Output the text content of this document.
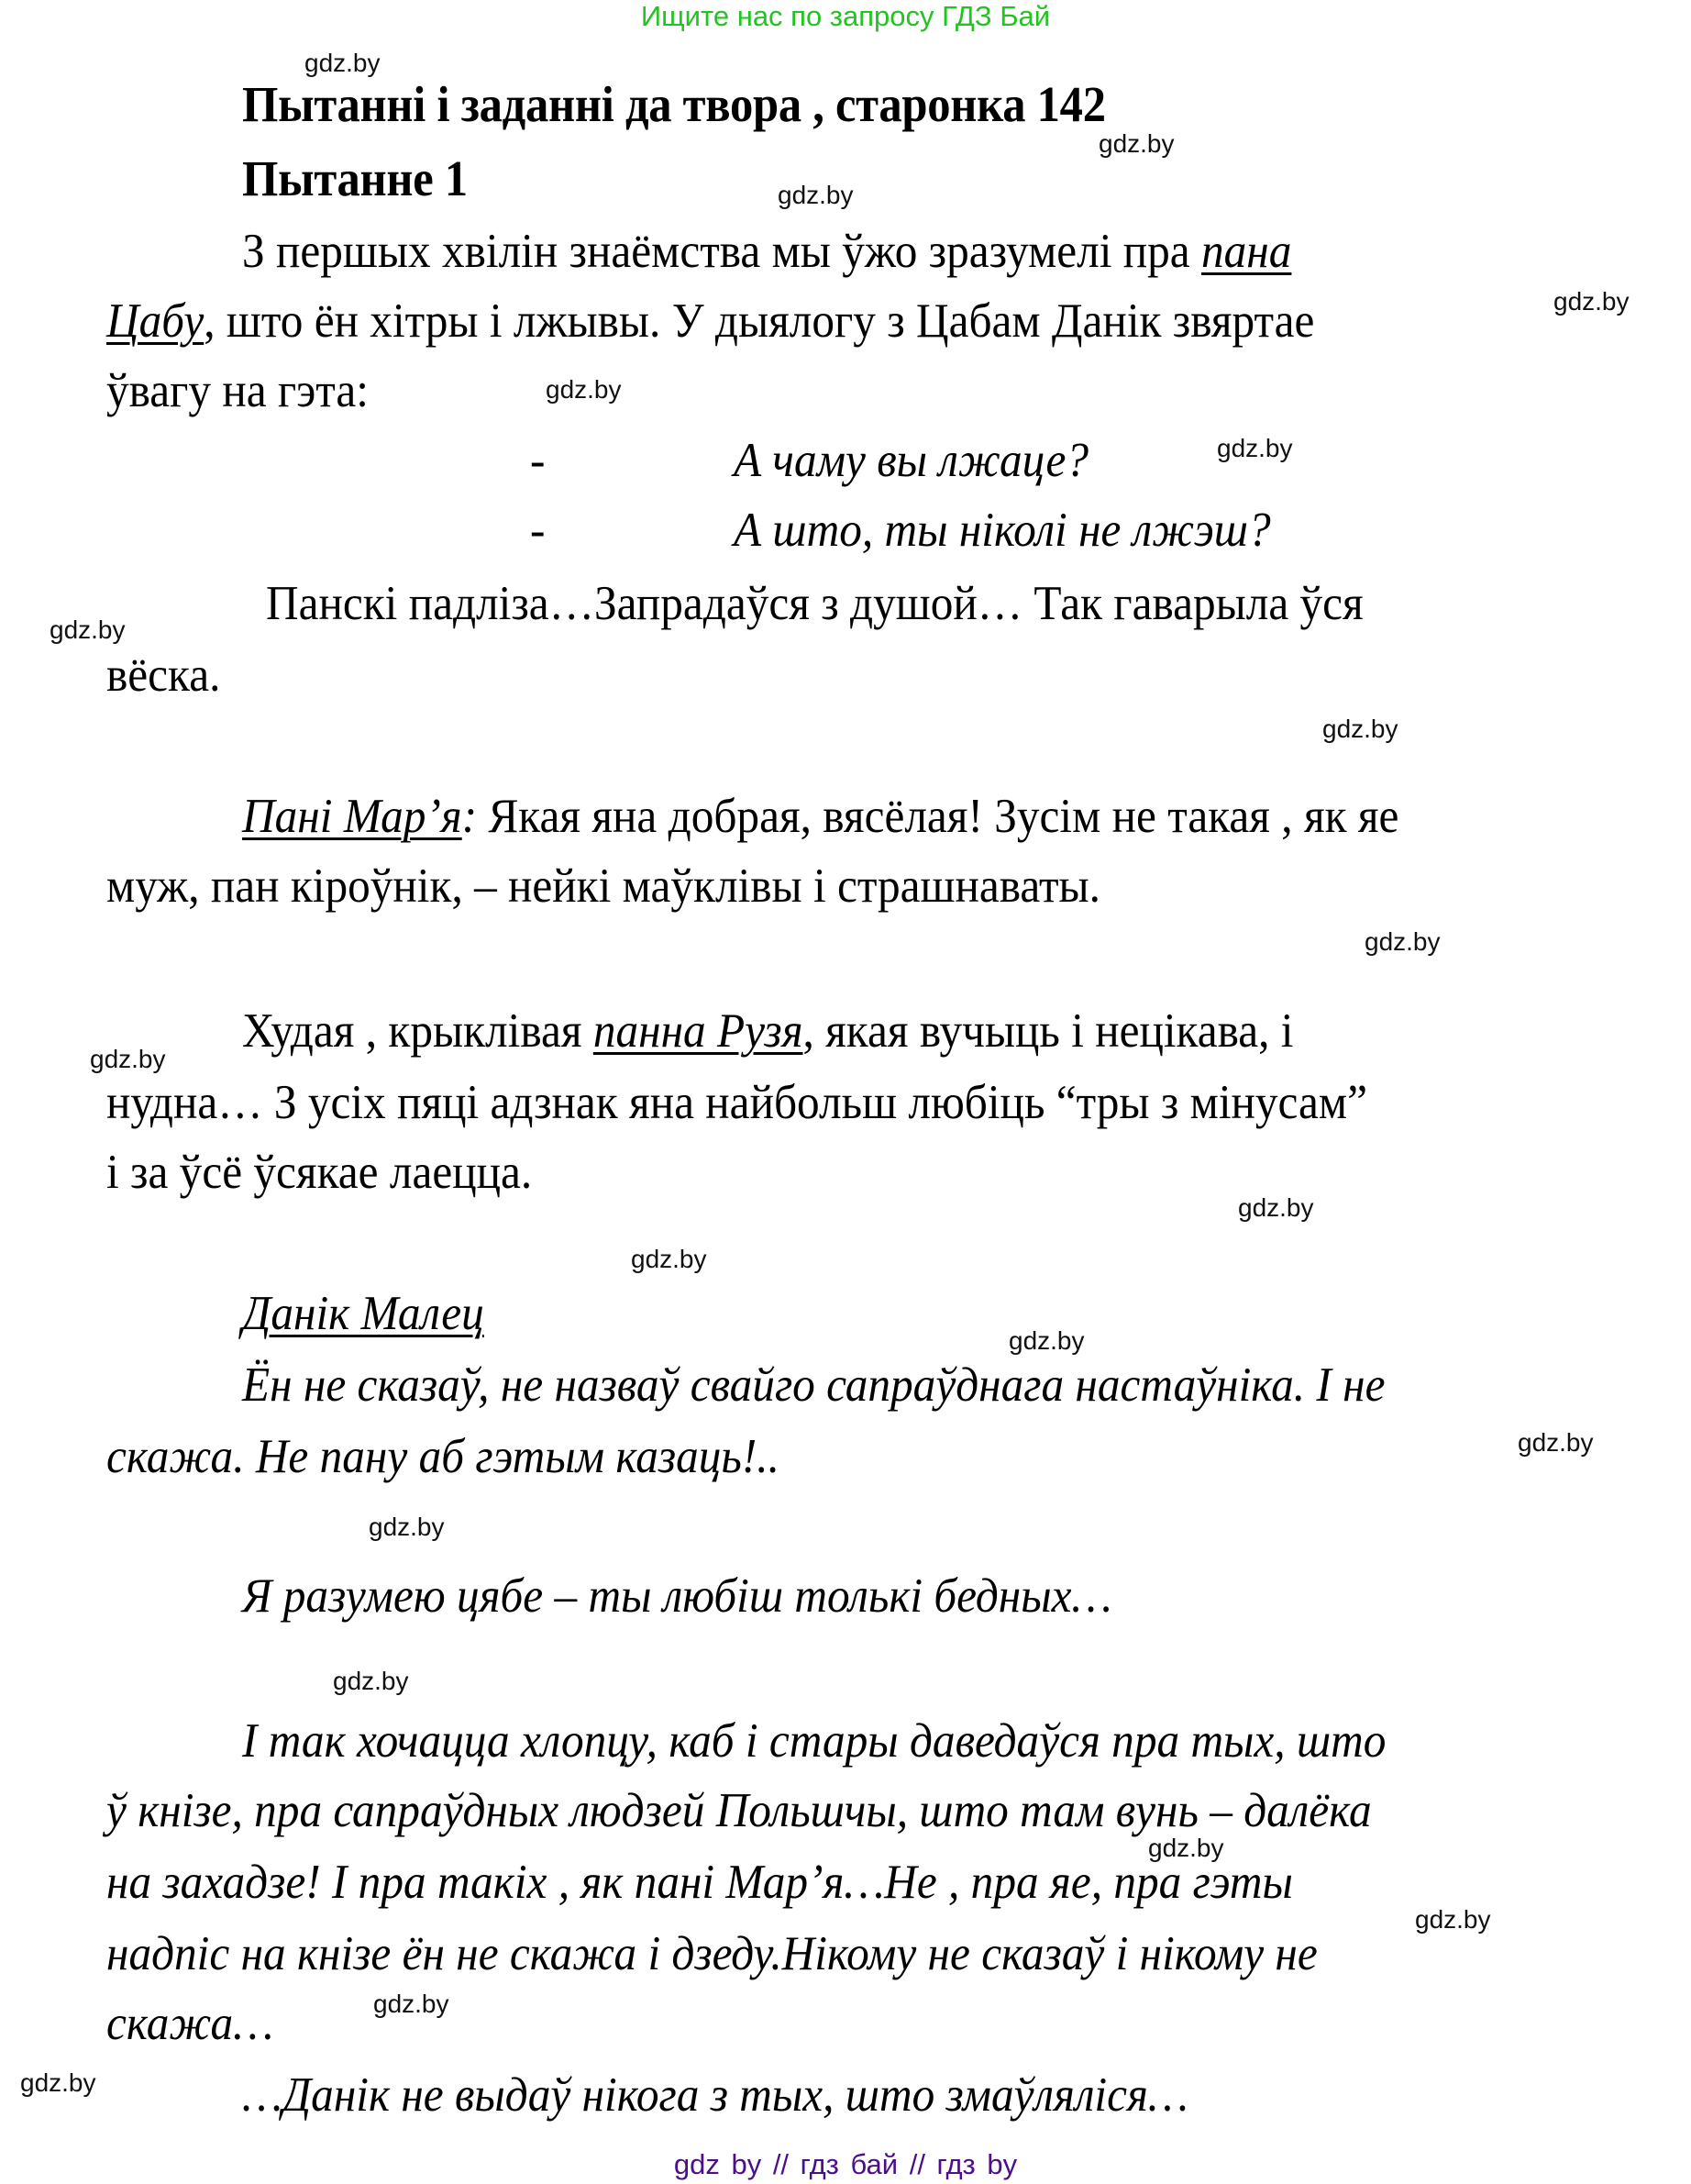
Ищите нас по запросу ГДЗ Бай
gdz.by
gdz.by
gdz.by
gdz.by
gdz.by
gdz.by
gdz.by
gdz.by
gdz.by
gdz.by
gdz.by
gdz.by
gdz.by
gdz.by
gdz.by
gdz.by
gdz.by
gdz.by
gdz.by
gdz.by
Пытанні і заданні да твора , старонка 142
Пытанне 1
З першых хвілін знаёмства мы ўжо зразумелі пра пана
Цабу, што ён хітры і лжывы. У дыялогу з Цабам Данік звяртае
ўвагу на гэта:
-	А чаму вы лжаце?
-	А што, ты ніколі не лжэш?
Панскі падліза…Запрадаўся з душой… Так гаварыла ўся
вёска.
Пані Мар’я: Якая яна добрая, вясёлая! Зусім не такая , як яе
муж, пан кіроўнік, – нейкі маўклівы і страшнаваты.
Худая , крыклівая панна Рузя, якая вучыць і нецікава, і
нудна… З усіх пяці адзнак яна найбольш любіць “тры з мінусам”
і за ўсё ўсякае лаецца.
Данік Малец
Ён не сказаў, не назваў свайго сапраўднага настаўніка. І не
скажа. Не пану аб гэтым казаць!..
Я разумею цябе – ты любіш толькі бедных…
І так хочацца хлопцу, каб і стары даведаўся пра тых, што
ў кнізе, пра сапраўдных людзей Польшчы, што там вунь – далёка
на захадзе! І пра такіх , як пані Мар’я…Не , пра яе, пра гэты
надпіс на кнізе ён не скажа і дзеду.Нікому не сказаў і нікому не
скажа…
…Данік не выдаў нікога з тых, што змаўляліся…
gdz by // гдз бай // гдз by
